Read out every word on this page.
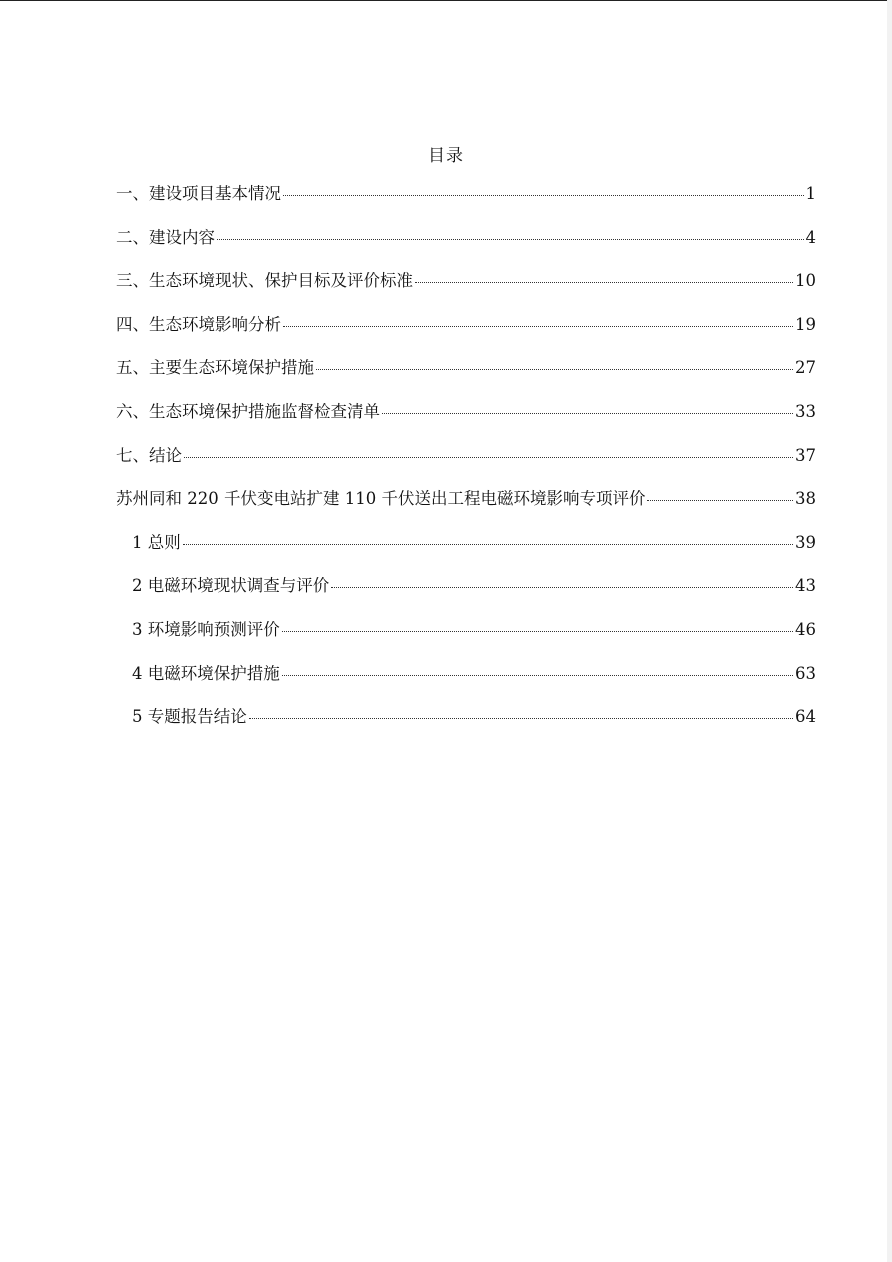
目录
一、建设项目基本情况	1
二、建设内容	4
三、生态环境现状、保护目标及评价标准	10
四、生态环境影响分析	19
五、主要生态环境保护措施	27
六、生态环境保护措施监督检查清单	33
七、结论	37
苏州同和 220 千伏变电站扩建 110 千伏送出工程电磁环境影响专项评价	38
1 总则	39
2 电磁环境现状调查与评价	43
3 环境影响预测评价	46
4 电磁环境保护措施	63
5 专题报告结论	64
